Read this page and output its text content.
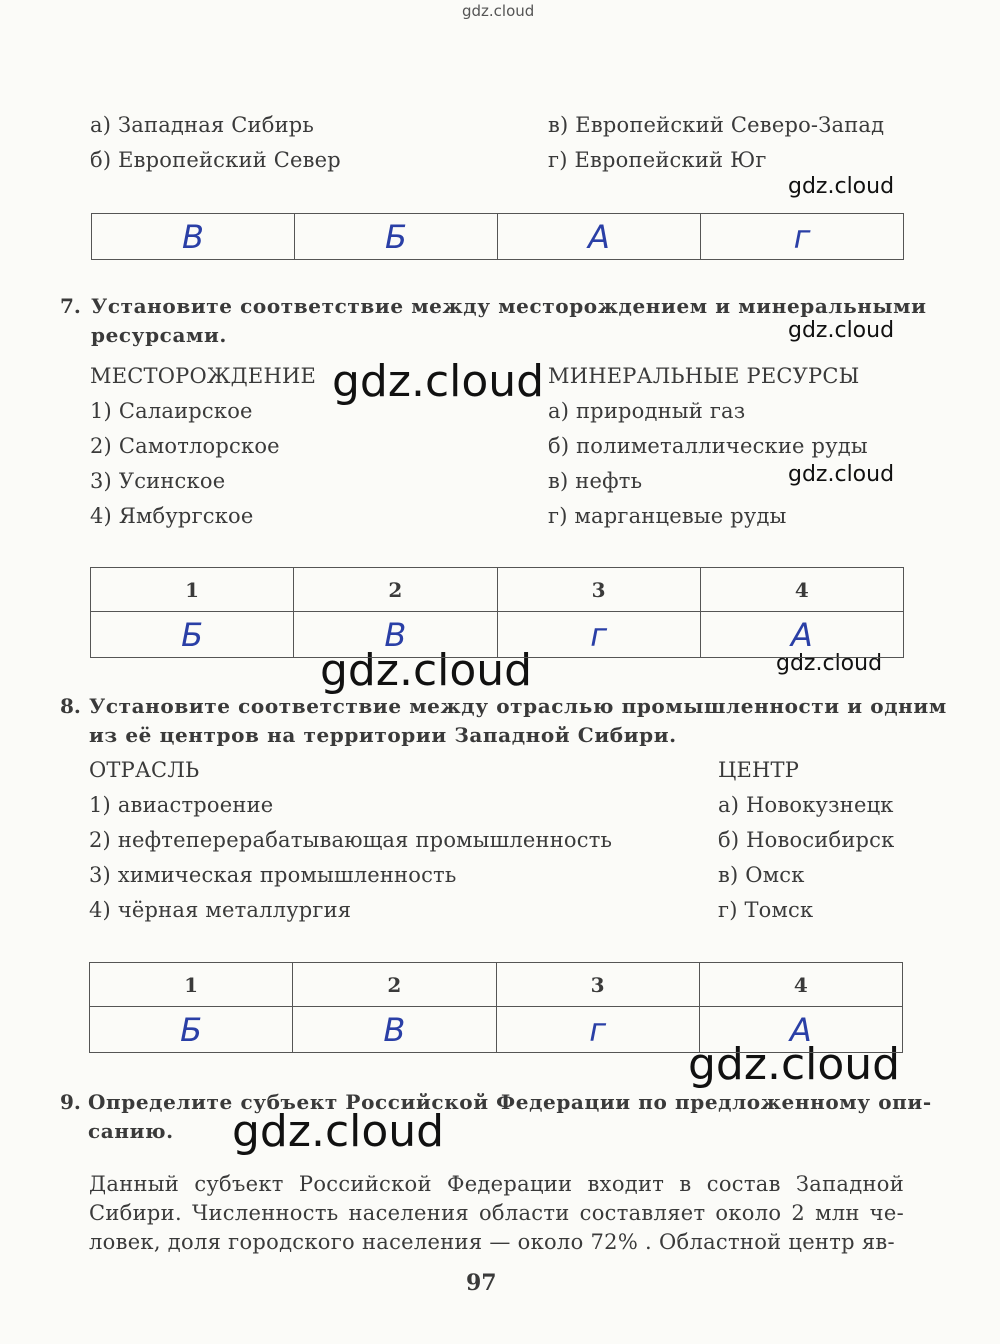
gdz.cloud
gdz.cloud
gdz.cloud
gdz.cloud
gdz.cloud
gdz.cloud	gdz.cloud
gdz.cloud
gdz.cloud
а) Западная Сибирь
б) Европейский Север
в) Европейский Северо-Запад
г) Европейский Юг
В	Б	А	г
7. Установите соответствие между месторождением и минеральными
ресурсами.
МЕСТОРОЖДЕНИЕ	МИНЕРАЛЬНЫЕ РЕСУРСЫ
1) Салаирское
2) Самотлорское
3) Усинское
4) Ямбургское
а) природный газ
б) полиметаллические руды
в) нефть
г) марганцевые руды
1	2	3	4
Б	В	г	А
8. Установите соответствие между отраслью промышленности и одним
из её центров на территории Западной Сибири.
ОТРАСЛЬ	ЦЕНТР
1) авиастроение
2) нефтеперерабатывающая промышленность
3) химическая промышленность
4) чёрная металлургия
а) Новокузнецк
б) Новосибирск
в) Омск
г) Томск
1	2	3	4
Б	В	г	А
9. Определите субъект Российской Федерации по предложенному опи-
санию.
Данный субъект Российской Федерации входит в состав Западной Сибири. Численность населения области составляет около 2 млн че-ловек, доля городского населения — около 72% . Областной центр яв-
97
